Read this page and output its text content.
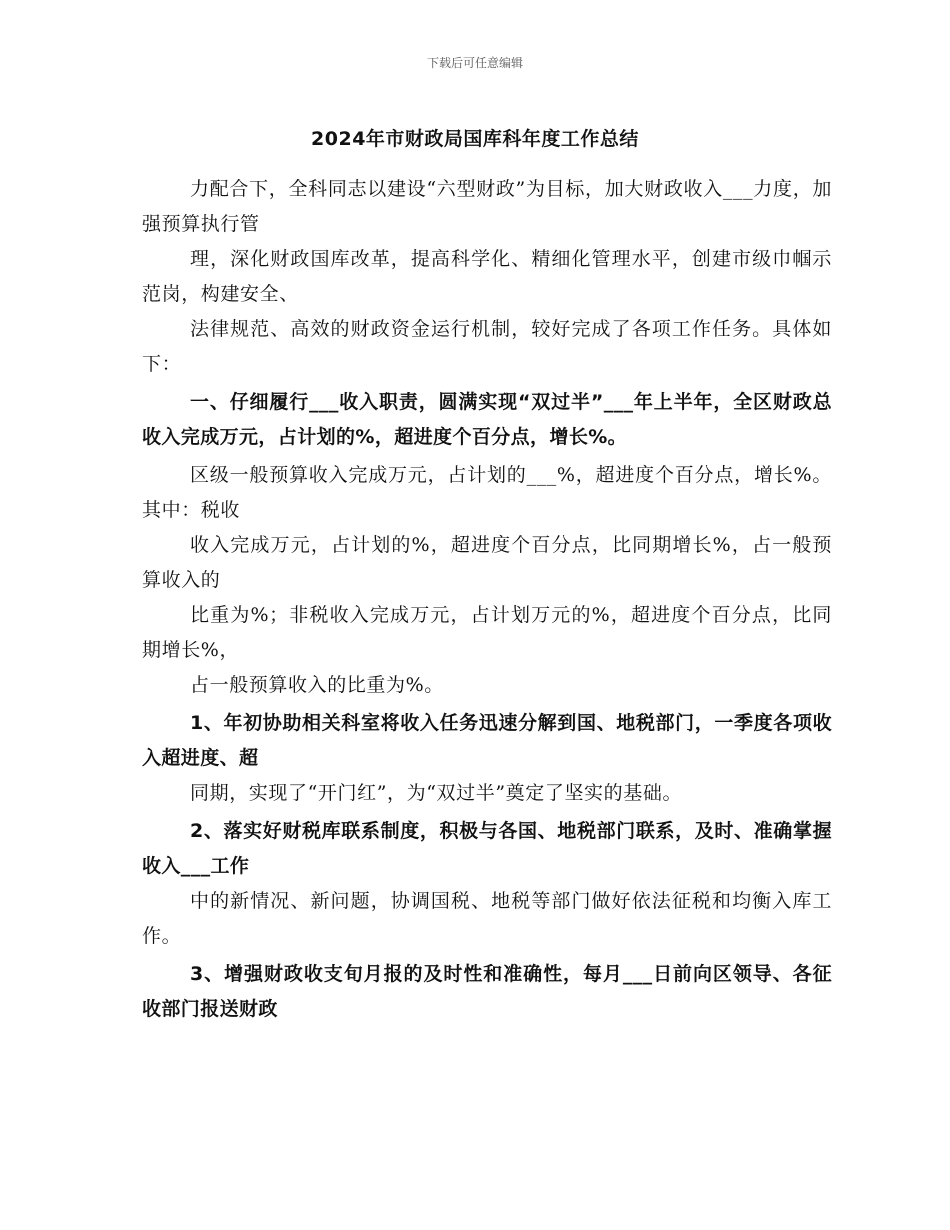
下载后可任意编辑
2024年市财政局国库科年度工作总结

力配合下，全科同志以建设“六型财政”为目标，加大财政收入___力度，加强预算执行管

理，深化财政国库改革，提高科学化、精细化管理水平，创建市级巾帼示范岗，构建安全、

法律规范、高效的财政资金运行机制，较好完成了各项工作任务。具体如下：

一、仔细履行___收入职责，圆满实现“双过半”___年上半年，全区财政总收入完成万元，占计划的%，超进度个百分点，增长%。

区级一般预算收入完成万元，占计划的___%，超进度个百分点，增长%。其中：税收

收入完成万元，占计划的%，超进度个百分点，比同期增长%，占一般预算收入的

比重为%；非税收入完成万元，占计划万元的%，超进度个百分点，比同期增长%，

占一般预算收入的比重为%。

1、年初协助相关科室将收入任务迅速分解到国、地税部门，一季度各项收入超进度、超

同期，实现了“开门红”，为“双过半”奠定了坚实的基础。

2、落实好财税库联系制度，积极与各国、地税部门联系，及时、准确掌握收入___工作

中的新情况、新问题，协调国税、地税等部门做好依法征税和均衡入库工作。

3、增强财政收支旬月报的及时性和准确性，每月___日前向区领导、各征收部门报送财政
